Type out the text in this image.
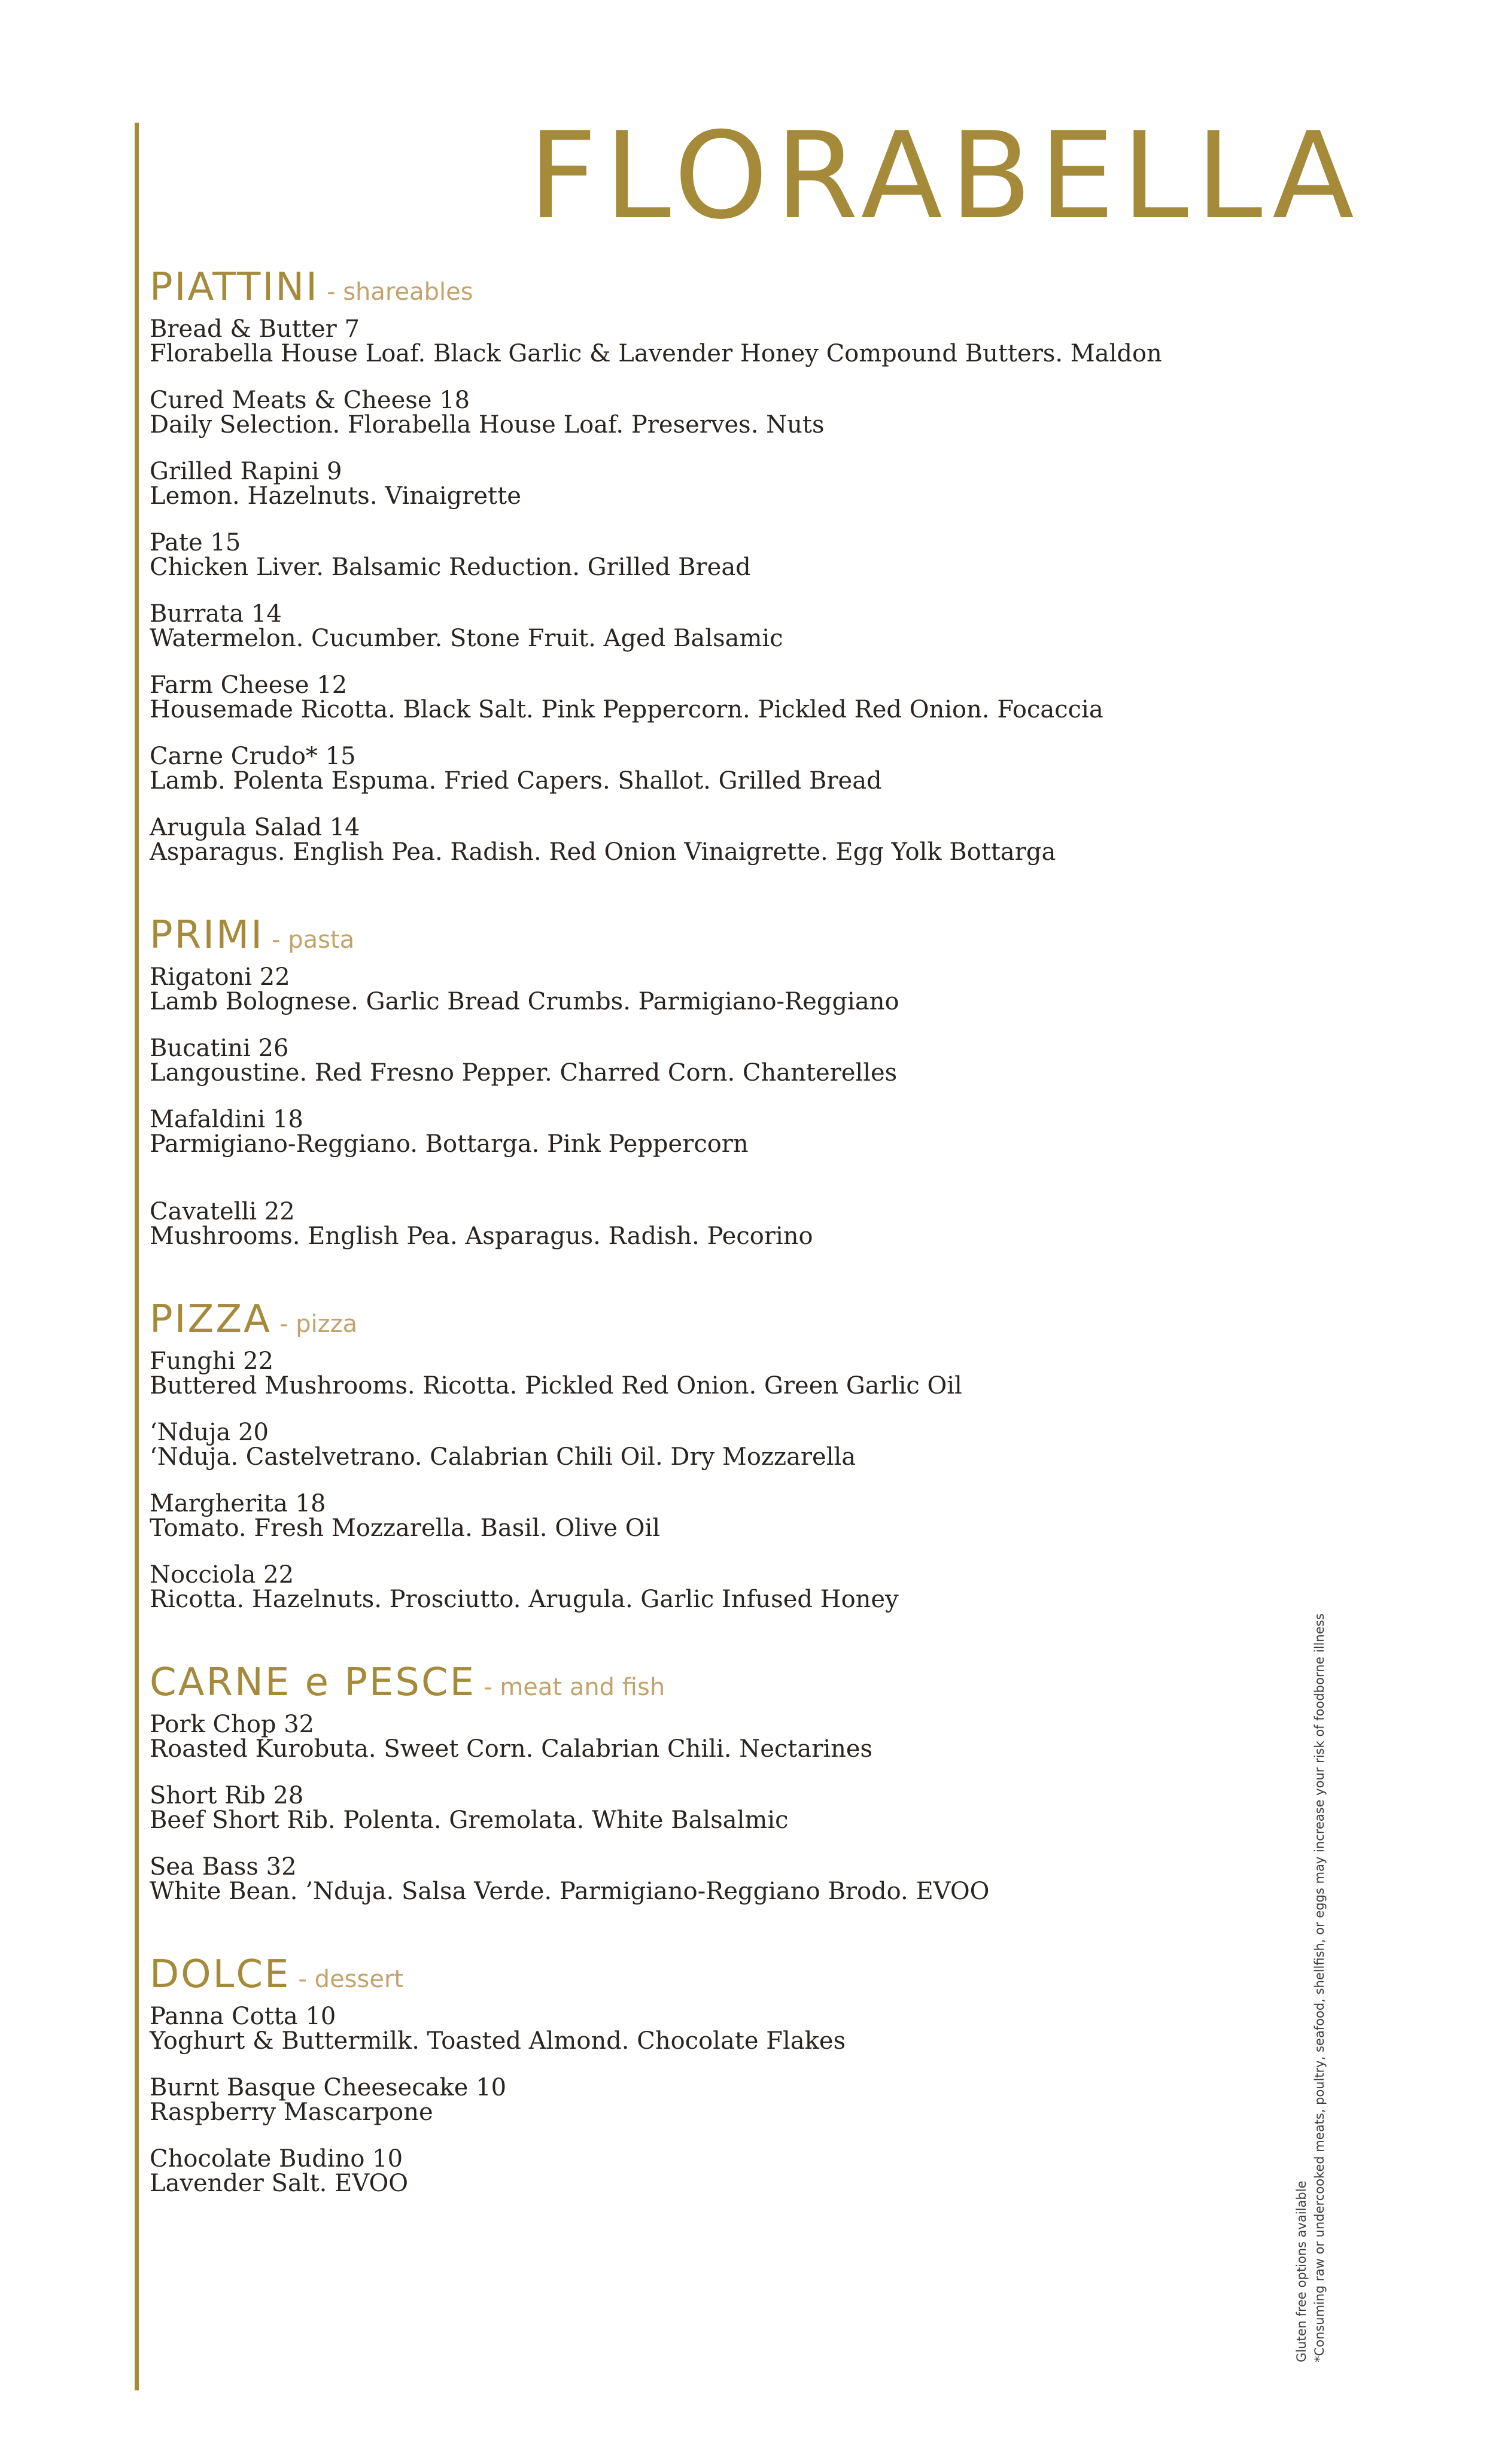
FLORABELLA
PIATTINI - shareables
Bread & Butter 7
Florabella House Loaf. Black Garlic & Lavender Honey Compound Butters. Maldon
Cured Meats & Cheese 18
Daily Selection. Florabella House Loaf. Preserves. Nuts
Grilled Rapini 9
Lemon. Hazelnuts. Vinaigrette
Pate 15
Chicken Liver. Balsamic Reduction. Grilled Bread
Burrata 14
Watermelon. Cucumber. Stone Fruit. Aged Balsamic
Farm Cheese 12
Housemade Ricotta. Black Salt. Pink Peppercorn. Pickled Red Onion. Focaccia
Carne Crudo* 15
Lamb. Polenta Espuma. Fried Capers. Shallot. Grilled Bread
Arugula Salad 14
Asparagus. English Pea. Radish. Red Onion Vinaigrette. Egg Yolk Bottarga
PRIMI - pasta
Rigatoni 22
Lamb Bolognese. Garlic Bread Crumbs. Parmigiano-Reggiano
Bucatini 26
Langoustine. Red Fresno Pepper. Charred Corn. Chanterelles
Mafaldini 18
Parmigiano-Reggiano. Bottarga. Pink Peppercorn
Cavatelli 22
Mushrooms. English Pea. Asparagus. Radish. Pecorino
PIZZA - pizza
Funghi 22
Buttered Mushrooms. Ricotta. Pickled Red Onion. Green Garlic Oil
‘Nduja 20
‘Nduja. Castelvetrano. Calabrian Chili Oil. Dry Mozzarella
Margherita 18
Tomato. Fresh Mozzarella. Basil. Olive Oil
Nocciola 22
Ricotta. Hazelnuts. Prosciutto. Arugula. Garlic Infused Honey
CARNE e PESCE - meat and fish
Pork Chop 32
Roasted Kurobuta. Sweet Corn. Calabrian Chili. Nectarines
Short Rib 28
Beef Short Rib. Polenta. Gremolata. White Balsalmic
Sea Bass 32
White Bean. ’Nduja. Salsa Verde. Parmigiano-Reggiano Brodo. EVOO
DOLCE - dessert
Panna Cotta 10
Yoghurt & Buttermilk. Toasted Almond. Chocolate Flakes
Burnt Basque Cheesecake 10
Raspberry Mascarpone
Chocolate Budino 10
Lavender Salt. EVOO	Gluten free options available *Consuming raw or undercooked meats, poultry, seafood, shellfish, or eggs may increase your risk of foodborne illness
